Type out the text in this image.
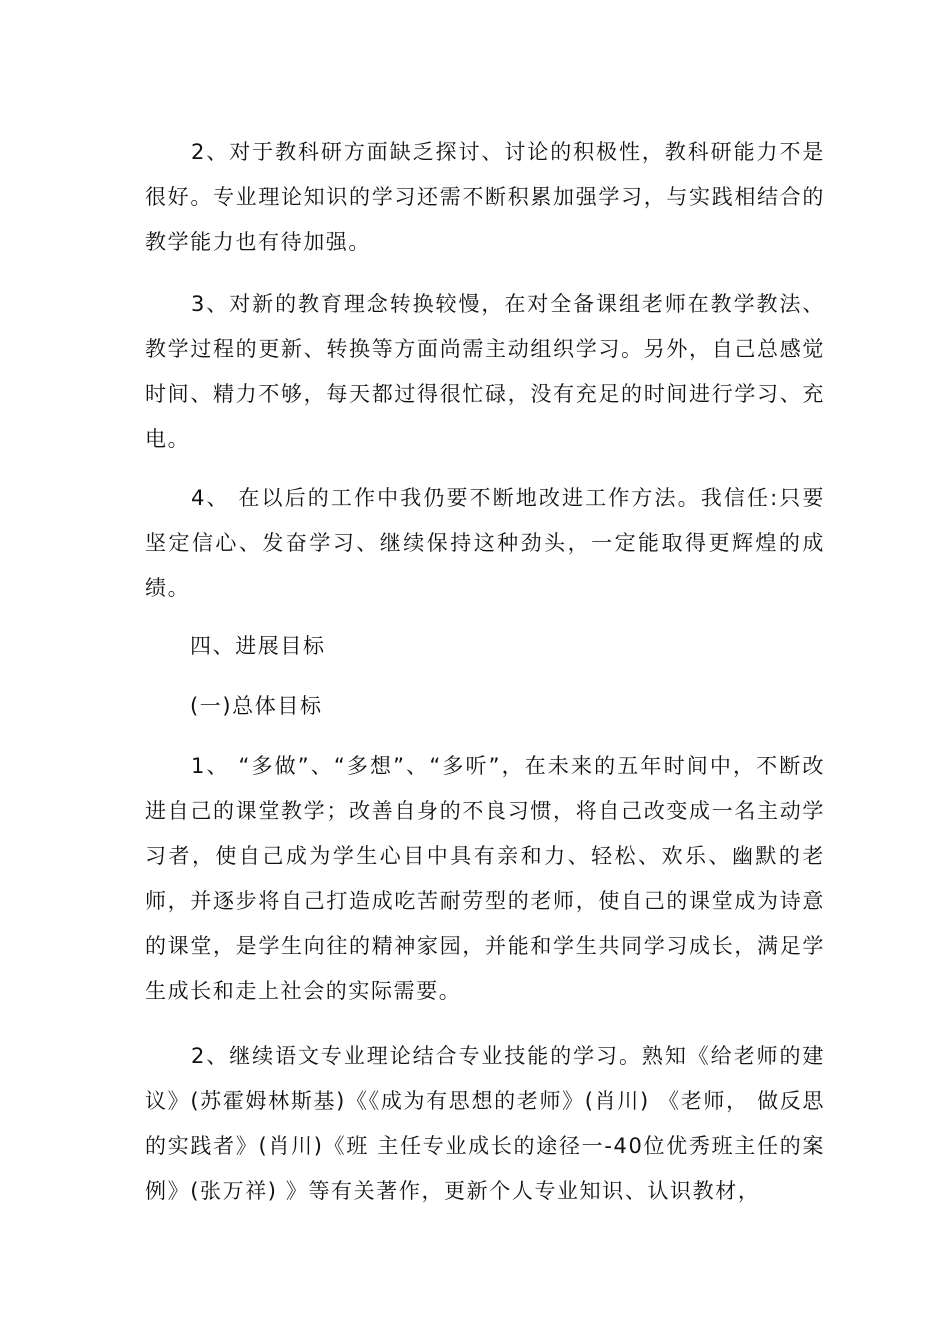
2、对于教科研方面缺乏探讨、讨论的积极性，教科研能力不是很好。专业理论知识的学习还需不断积累加强学习，与实践相结合的教学能力也有待加强。

3、对新的教育理念转换较慢，在对全备课组老师在教学教法、教学过程的更新、转换等方面尚需主动组织学习。另外，自己总感觉时间、精力不够，每天都过得很忙碌，没有充足的时间进行学习、充电。

4、 在以后的工作中我仍要不断地改进工作方法。我信任:只要坚定信心、发奋学习、继续保持这种劲头，一定能取得更辉煌的成绩。

四、进展目标

(一)总体目标

1、 “多做”、“多想”、“多听”，在未来的五年时间中，不断改进自己的课堂教学；改善自身的不良习惯，将自己改变成一名主动学习者，使自己成为学生心目中具有亲和力、轻松、欢乐、幽默的老师，并逐步将自己打造成吃苦耐劳型的老师，使自己的课堂成为诗意的课堂，是学生向往的精神家园，并能和学生共同学习成长，满足学生成长和走上社会的实际需要。

2、继续语文专业理论结合专业技能的学习。熟知《给老师的建议》(苏霍姆林斯基)《《成为有思想的老师》(肖川) 《老师， 做反思的实践者》(肖川)《班 主任专业成长的途径一-40位优秀班主任的案例》(张万祥) 》等有关著作，更新个人专业知识、认识教材，
